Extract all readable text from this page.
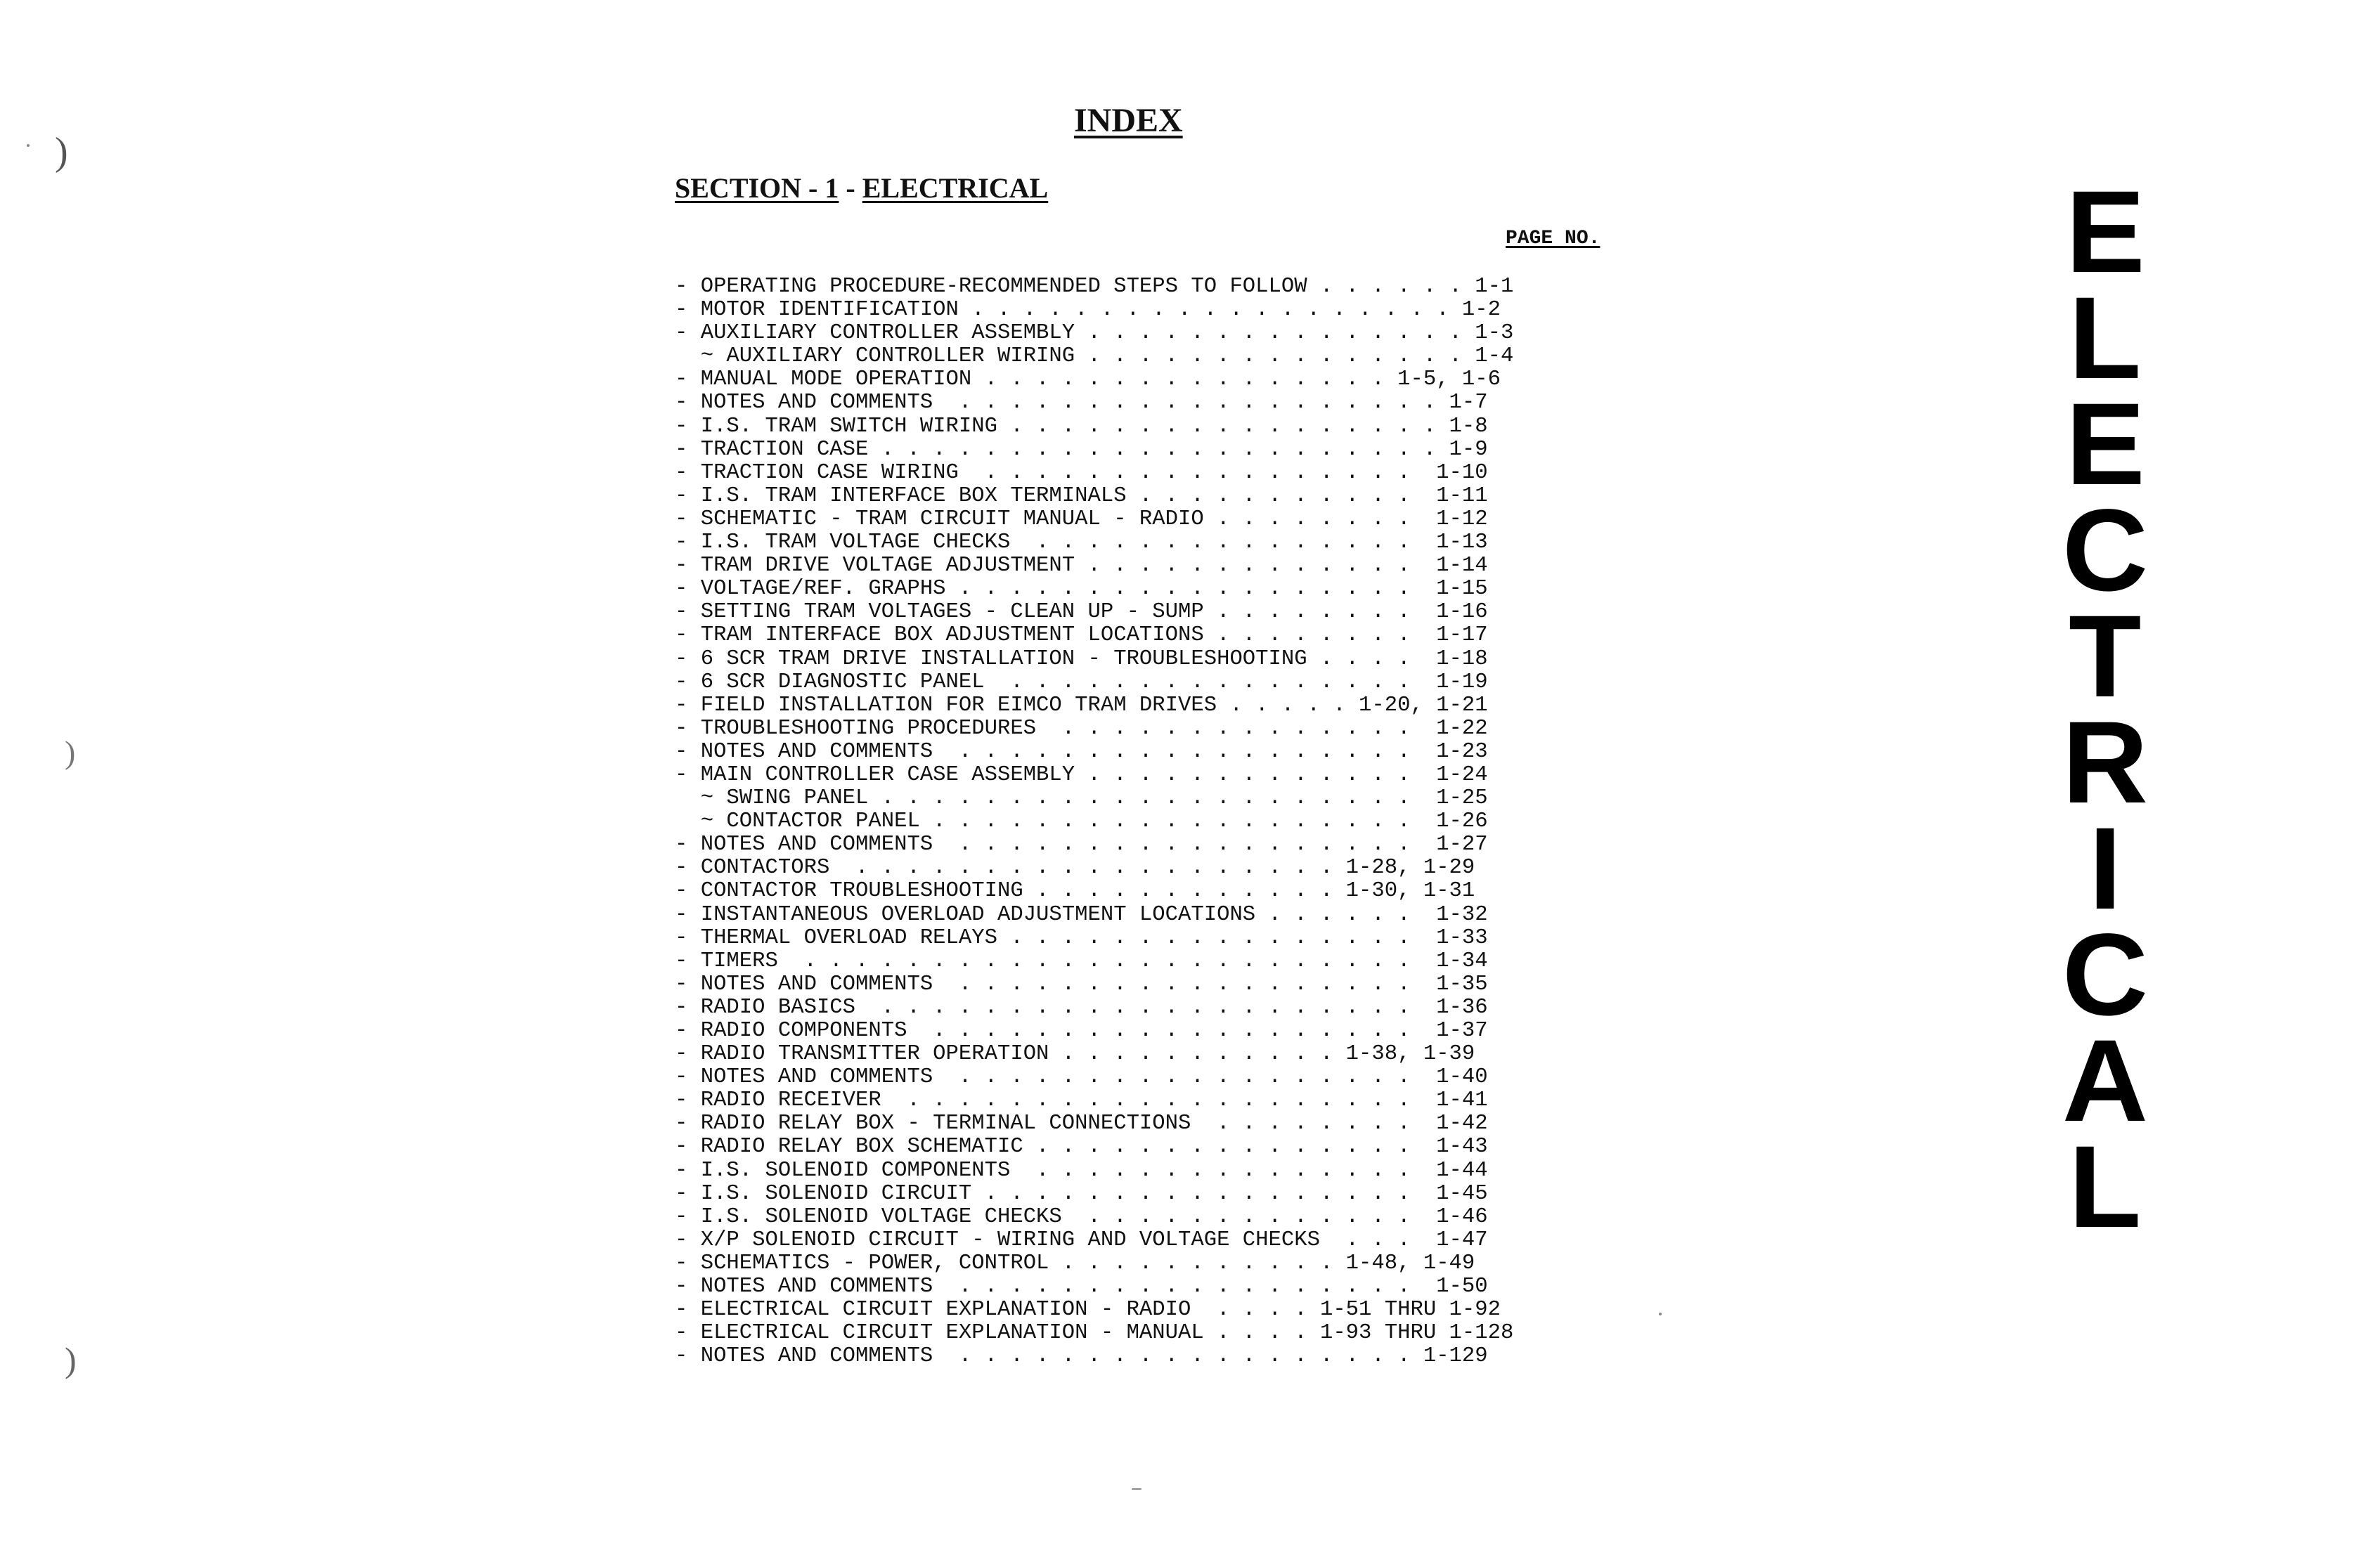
INDEX
SECTION - 1 - ELECTRICAL
PAGE NO.
- OPERATING PROCEDURE-RECOMMENDED STEPS TO FOLLOW . . . . . . 1-1
- MOTOR IDENTIFICATION . . . . . . . . . . . . . . . . . . . 1-2
- AUXILIARY CONTROLLER ASSEMBLY . . . . . . . . . . . . . . . 1-3
~ AUXILIARY CONTROLLER WIRING . . . . . . . . . . . . . . . 1-4
- MANUAL MODE OPERATION . . . . . . . . . . . . . . . . 1-5, 1-6
- NOTES AND COMMENTS  . . . . . . . . . . . . . . . . . . . 1-7
- I.S. TRAM SWITCH WIRING . . . . . . . . . . . . . . . . . 1-8
- TRACTION CASE . . . . . . . . . . . . . . . . . . . . . . 1-9
- TRACTION CASE WIRING  . . . . . . . . . . . . . . . . .  1-10
- I.S. TRAM INTERFACE BOX TERMINALS . . . . . . . . . . .  1-11
- SCHEMATIC - TRAM CIRCUIT MANUAL - RADIO . . . . . . . .  1-12
- I.S. TRAM VOLTAGE CHECKS  . . . . . . . . . . . . . . .  1-13
- TRAM DRIVE VOLTAGE ADJUSTMENT . . . . . . . . . . . . .  1-14
- VOLTAGE/REF. GRAPHS . . . . . . . . . . . . . . . . . .  1-15
- SETTING TRAM VOLTAGES - CLEAN UP - SUMP . . . . . . . .  1-16
- TRAM INTERFACE BOX ADJUSTMENT LOCATIONS . . . . . . . .  1-17
- 6 SCR TRAM DRIVE INSTALLATION - TROUBLESHOOTING . . . .  1-18
- 6 SCR DIAGNOSTIC PANEL  . . . . . . . . . . . . . . . .  1-19
- FIELD INSTALLATION FOR EIMCO TRAM DRIVES . . . . . 1-20, 1-21
- TROUBLESHOOTING PROCEDURES  . . . . . . . . . . . . . .  1-22
- NOTES AND COMMENTS  . . . . . . . . . . . . . . . . . .  1-23
- MAIN CONTROLLER CASE ASSEMBLY . . . . . . . . . . . . .  1-24
~ SWING PANEL . . . . . . . . . . . . . . . . . . . . .  1-25
~ CONTACTOR PANEL . . . . . . . . . . . . . . . . . . .  1-26
- NOTES AND COMMENTS  . . . . . . . . . . . . . . . . . .  1-27
- CONTACTORS  . . . . . . . . . . . . . . . . . . . 1-28, 1-29
- CONTACTOR TROUBLESHOOTING . . . . . . . . . . . . 1-30, 1-31
- INSTANTANEOUS OVERLOAD ADJUSTMENT LOCATIONS . . . . . .  1-32
- THERMAL OVERLOAD RELAYS . . . . . . . . . . . . . . . .  1-33
- TIMERS  . . . . . . . . . . . . . . . . . . . . . . . .  1-34
- NOTES AND COMMENTS  . . . . . . . . . . . . . . . . . .  1-35
- RADIO BASICS  . . . . . . . . . . . . . . . . . . . . .  1-36
- RADIO COMPONENTS  . . . . . . . . . . . . . . . . . . .  1-37
- RADIO TRANSMITTER OPERATION . . . . . . . . . . . 1-38, 1-39
- NOTES AND COMMENTS  . . . . . . . . . . . . . . . . . .  1-40
- RADIO RECEIVER  . . . . . . . . . . . . . . . . . . . .  1-41
- RADIO RELAY BOX - TERMINAL CONNECTIONS  . . . . . . . .  1-42
- RADIO RELAY BOX SCHEMATIC . . . . . . . . . . . . . . .  1-43
- I.S. SOLENOID COMPONENTS  . . . . . . . . . . . . . . .  1-44
- I.S. SOLENOID CIRCUIT . . . . . . . . . . . . . . . . .  1-45
- I.S. SOLENOID VOLTAGE CHECKS  . . . . . . . . . . . . .  1-46
- X/P SOLENOID CIRCUIT - WIRING AND VOLTAGE CHECKS  . . .  1-47
- SCHEMATICS - POWER, CONTROL . . . . . . . . . . . 1-48, 1-49
- NOTES AND COMMENTS  . . . . . . . . . . . . . . . . . .  1-50
- ELECTRICAL CIRCUIT EXPLANATION - RADIO  . . . . 1-51 THRU 1-92
- ELECTRICAL CIRCUIT EXPLANATION - MANUAL . . . . 1-93 THRU 1-128
- NOTES AND COMMENTS  . . . . . . . . . . . . . . . . . . 1-129
E
L
E
C
T
R
I
C
A
L
)
)
)
